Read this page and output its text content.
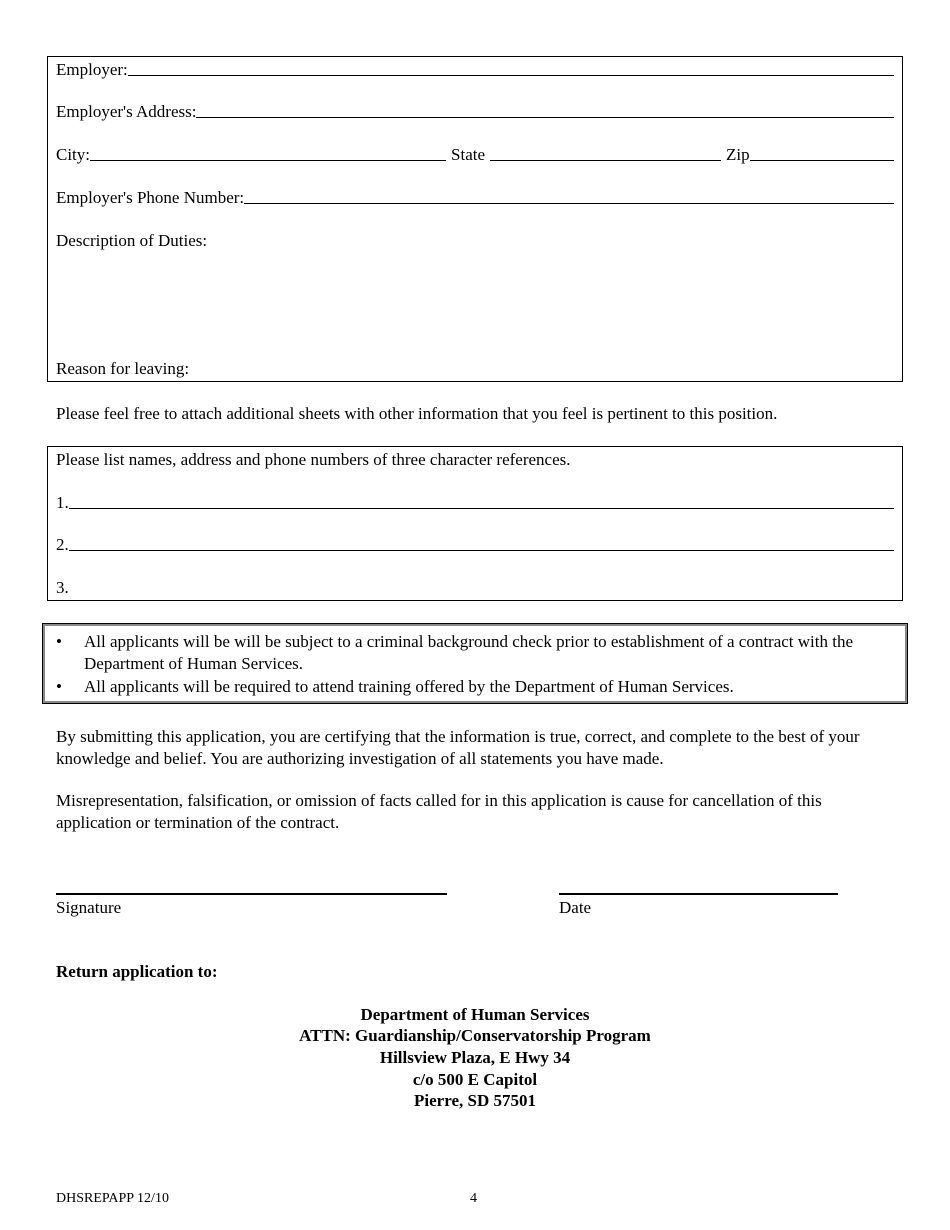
Employer:
Employer's Address:
City:	State	Zip
Employer's Phone Number:
Description of Duties:
Reason for leaving:
Please feel free to attach additional sheets with other information that you feel is pertinent to this position.
Please list names, address and phone numbers of three character references.
1.
2.
3.
• All applicants will be will be subject to a criminal background check prior to establishment of a contract with the Department of Human Services.
• All applicants will be required to attend training offered by the Department of Human Services.
By submitting this application, you are certifying that the information is true, correct, and complete to the best of your knowledge and belief. You are authorizing investigation of all statements you have made.
Misrepresentation, falsification, or omission of facts called for in this application is cause for cancellation of this application or termination of the contract.
Signature	Date
Return application to:
Department of Human Services
ATTN: Guardianship/Conservatorship Program
Hillsview Plaza, E Hwy 34
c/o 500 E Capitol
Pierre, SD 57501
DHSREPAPP 12/10	4
